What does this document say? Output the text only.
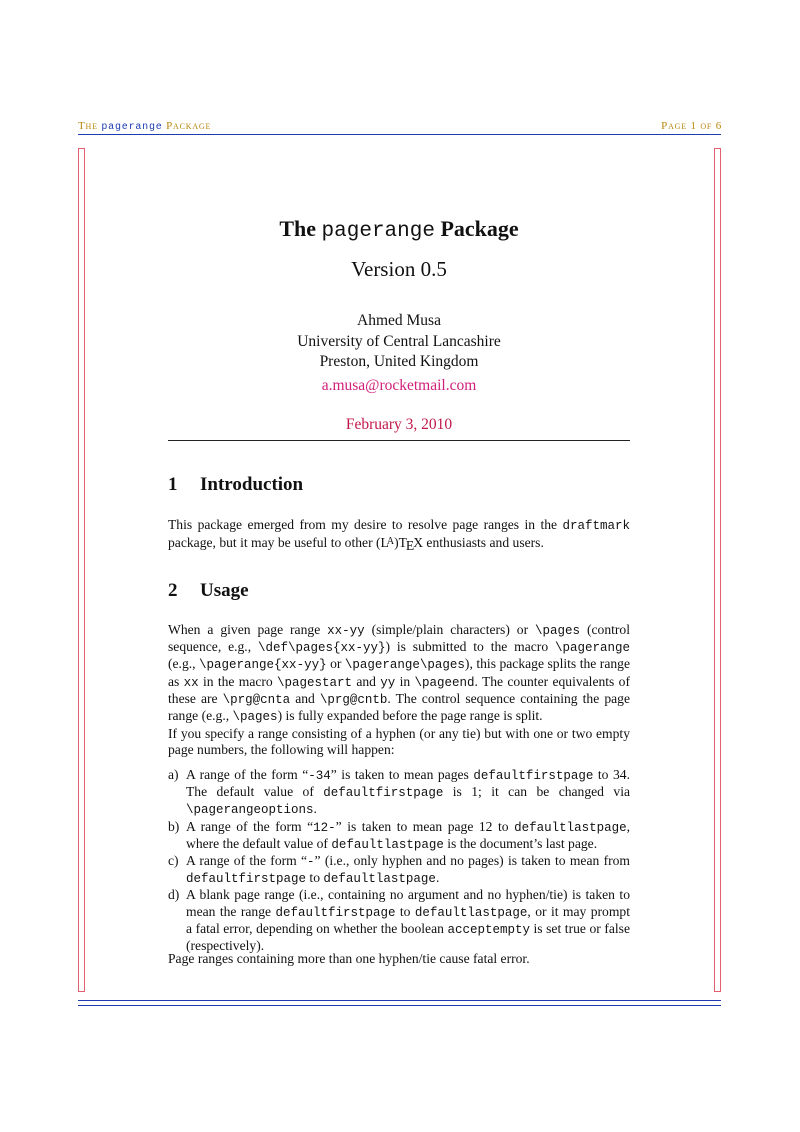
The pagerange Package	Page 1 of 6
The pagerange Package
Version 0.5
Ahmed Musa
University of Central Lancashire
Preston, United Kingdom
a.musa@rocketmail.com
February 3, 2010
1 Introduction
This package emerged from my desire to resolve page ranges in the draftmark package, but it may be useful to other $(L^A)TEX$ enthusiasts and users.
2 Usage
When a given page range xx-yy (simple/plain characters) or \pages (control sequence, e.g., \def\pages{xx-yy}) is submitted to the macro \pagerange (e.g., \pagerange{xx-yy} or \pagerange\pages), this package splits the range as xx in the macro \pagestart and yy in \pageend. The counter equivalents of these are \prg@cnta and \prg@cntb. The control sequence containing the page range (e.g., \pages) is fully expanded before the page range is split.
If you specify a range consisting of a hyphen (or any tie) but with one or two empty page numbers, the following will happen:

a) A range of the form “-34” is taken to mean pages defaultfirstpage to 34. The default value of defaultfirstpage is 1; it can be changed via \pagerangeoptions.

b) A range of the form “12-” is taken to mean page 12 to defaultlastpage, where the default value of defaultlastpage is the document’s last page.

c) A range of the form “-” (i.e., only hyphen and no pages) is taken to mean from defaultfirstpage to defaultlastpage.

d) A blank page range (i.e., containing no argument and no hyphen/tie) is taken to mean the range defaultfirstpage to defaultlastpage, or it may prompt a fatal error, depending on whether the boolean acceptempty is set true or false (respectively).

Page ranges containing more than one hyphen/tie cause fatal error.
